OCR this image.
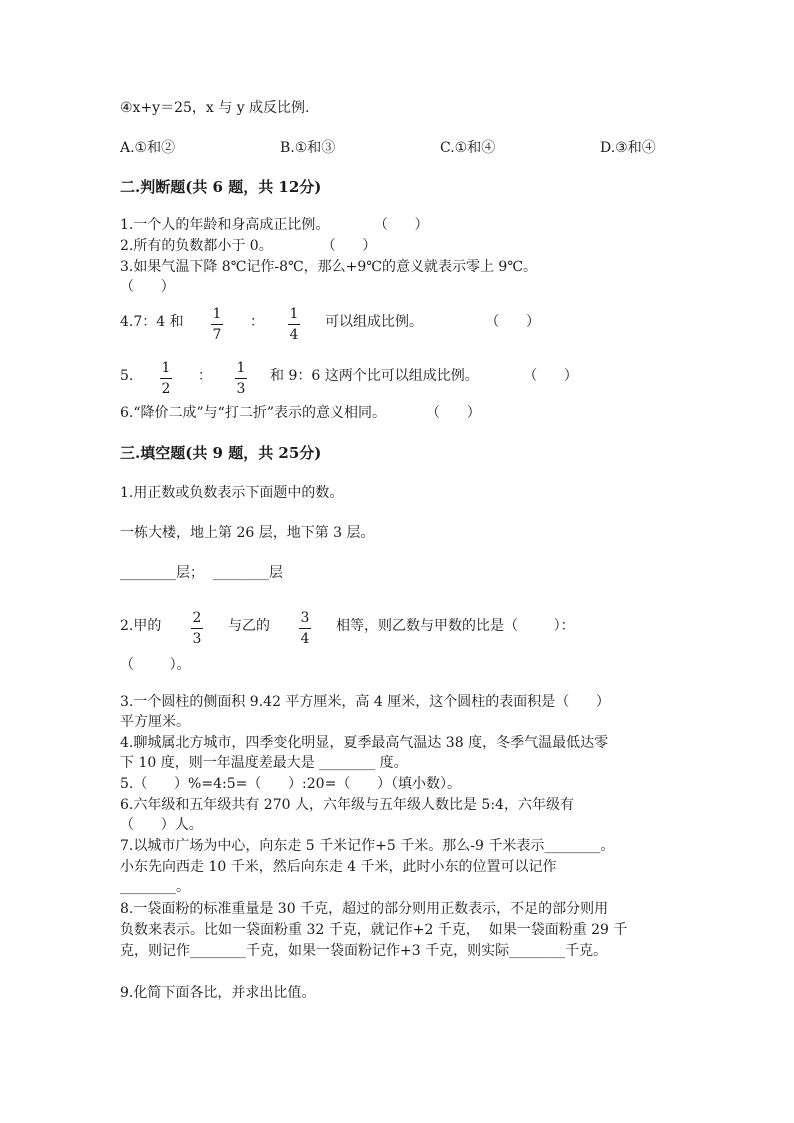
④x+y＝25，x 与 y 成反比例.
A.①和②	B.①和③	C.①和④	D.③和④
二.判断题(共 6 题，共 12分)
1.一个人的年龄和身高成正比例。          （      ）
2.所有的负数都小于 0。           （      ）
3.如果气温下降 8℃记作-8℃，那么+9℃的意义就表示零上 9℃。
（      ）
4.7：4 和 1
7
： 1
4
可以组成比例。              （      ）
5. 1
2
： 1
3
和 9：6 这两个比可以组成比例。          （      ）
6.“降价二成”与“打二折”表示的意义相同。         （      ）
三.填空题(共 9 题，共 25分)
1.用正数或负数表示下面题中的数。
一栋大楼，地上第 26 层，地下第 3 层。
________层；  ________层
2.甲的 2
3
与乙的 3
4
相等，则乙数与甲数的比是（        ）：
（        ）。
3.一个圆柱的侧面积 9.42 平方厘米，高 4 厘米，这个圆柱的表面积是（      ）
平方厘米。
4.聊城属北方城市，四季变化明显，夏季最高气温达 38 度，冬季气温最低达零
下 10 度，则一年温度差最大是 ________ 度。
5.（      ）%=4:5=（      ）:20=（      ）（填小数）。
6.六年级和五年级共有 270 人，六年级与五年级人数比是 5:4，六年级有
（      ）人。
7.以城市广场为中心，向东走 5 千米记作+5 千米。那么-9 千米表示________。
小东先向西走 10 千米，然后向东走 4 千米，此时小东的位置可以记作
________。
8.一袋面粉的标准重量是 30 千克，超过的部分则用正数表示，不足的部分则用
负数来表示。比如一袋面粉重 32 千克，就记作+2 千克，  如果一袋面粉重 29 千
克，则记作________千克，如果一袋面粉记作+3 千克，则实际________千克。
9.化简下面各比，并求出比值。
